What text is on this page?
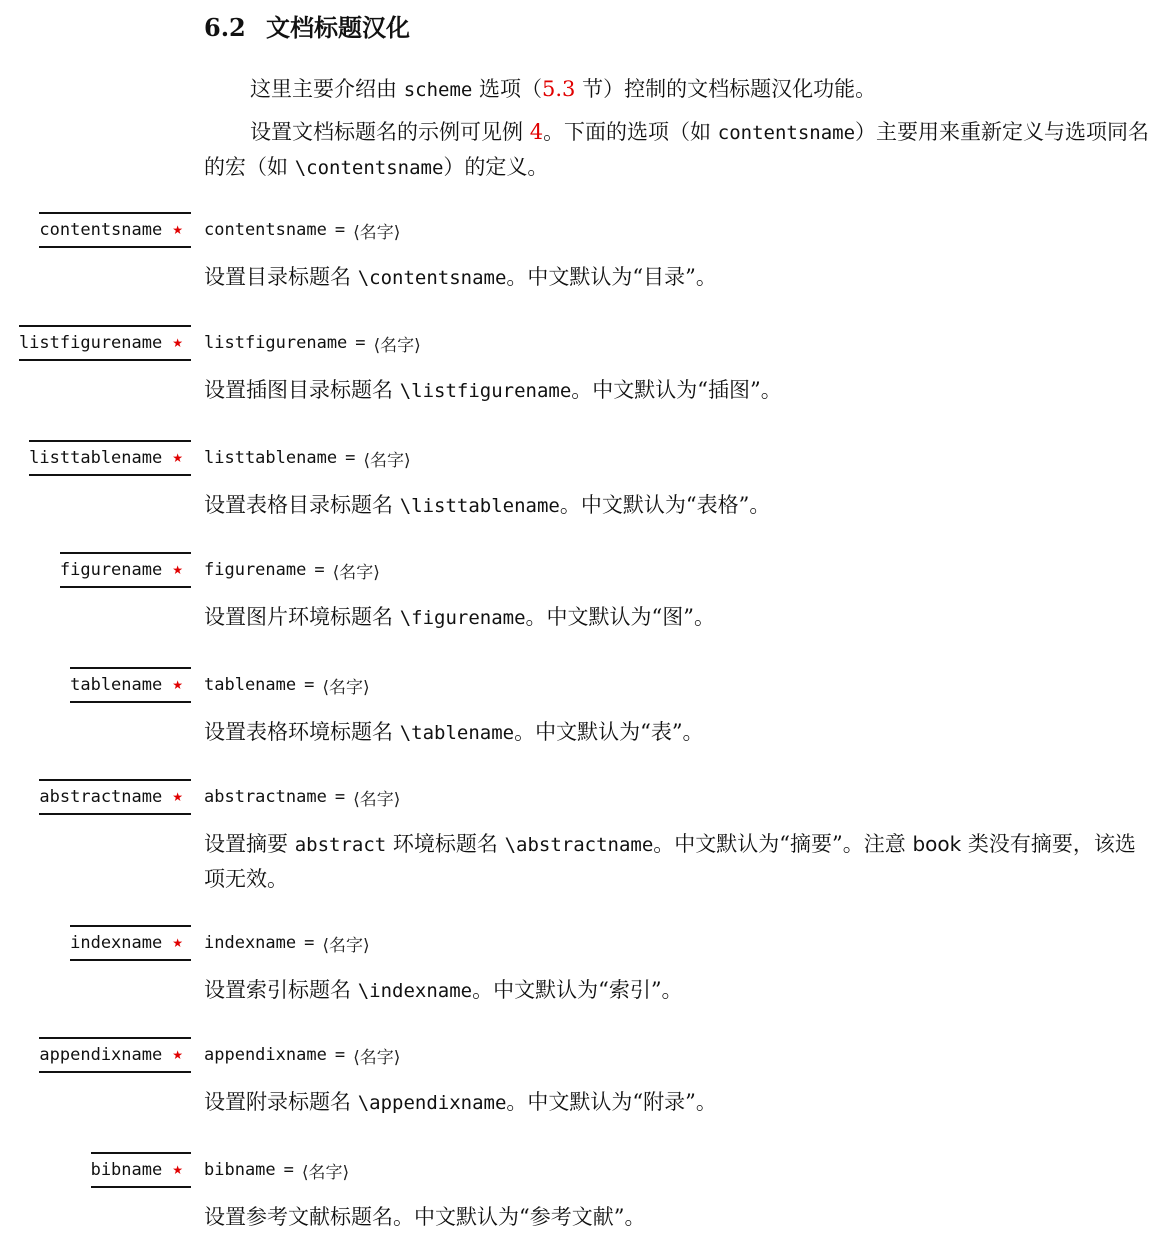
6.2 文档标题汉化
这里主要介绍由 scheme 选项（5.3 节）控制的文档标题汉化功能。
设置文档标题名的示例可见例 4。下面的选项（如 contentsname）主要用来重新定义与选项同名的宏（如 \contentsname）的定义。
contentsname ★ contentsname = ⟨名字⟩
设置目录标题名 \contentsname。中文默认为“目录”。
listfigurename ★ listfigurename = ⟨名字⟩
设置插图目录标题名 \listfigurename。中文默认为“插图”。
listtablename ★ listtablename = ⟨名字⟩
设置表格目录标题名 \listtablename。中文默认为“表格”。
figurename ★ figurename = ⟨名字⟩
设置图片环境标题名 \figurename。中文默认为“图”。
tablename ★ tablename = ⟨名字⟩
设置表格环境标题名 \tablename。中文默认为“表”。
abstractname ★ abstractname = ⟨名字⟩
设置摘要 abstract 环境标题名 \abstractname。中文默认为“摘要”。注意 book 类没有摘要，该选项无效。
indexname ★ indexname = ⟨名字⟩
设置索引标题名 \indexname。中文默认为“索引”。
appendixname ★ appendixname = ⟨名字⟩
设置附录标题名 \appendixname。中文默认为“附录”。
bibname ★ bibname = ⟨名字⟩
设置参考文献标题名。中文默认为“参考文献”。
